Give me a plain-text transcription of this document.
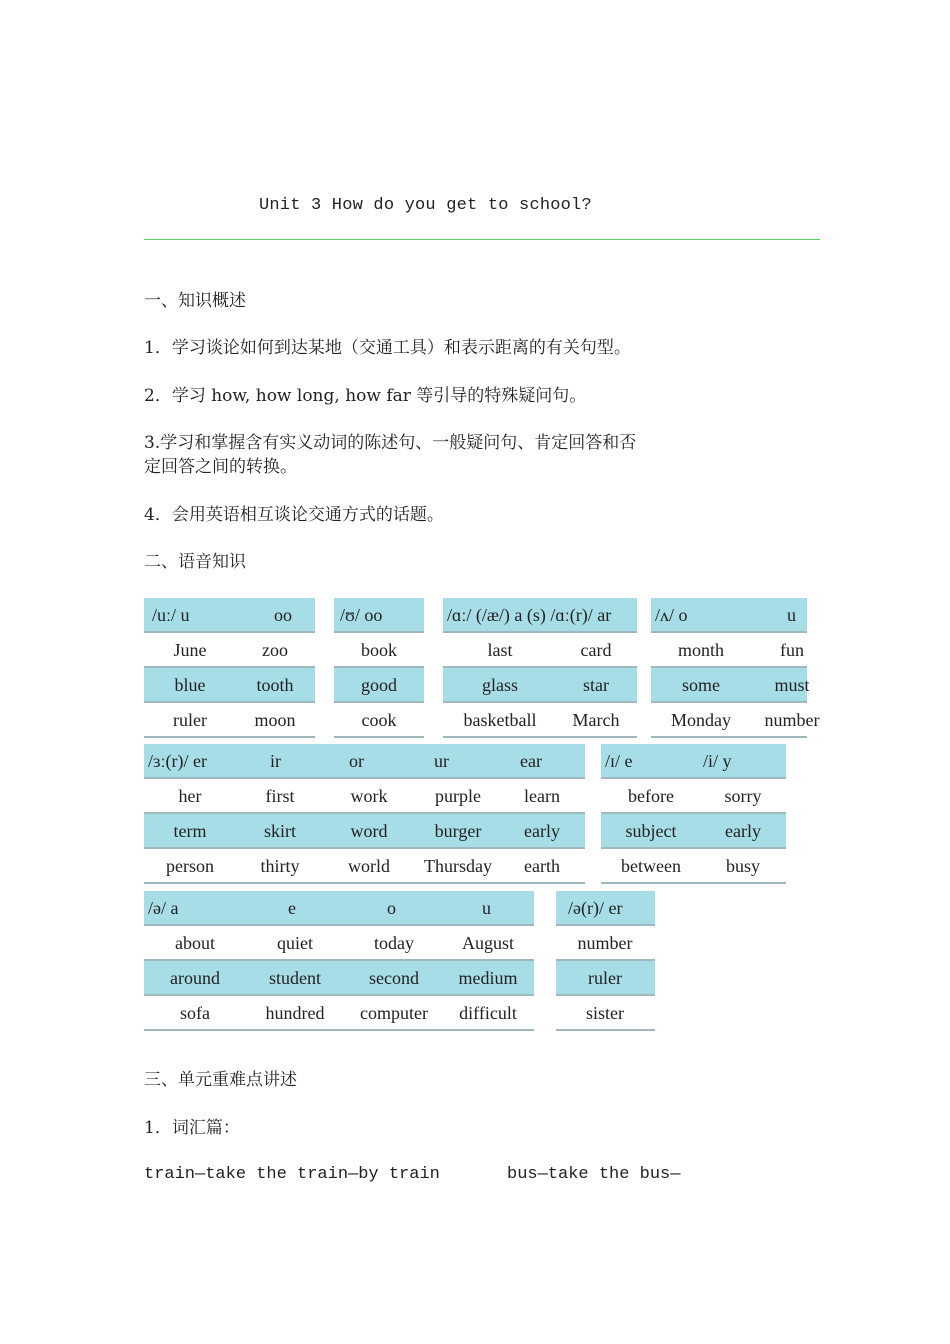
Unit 3 How do you get to school?
一、知识概述
1．学习谈论如何到达某地（交通工具）和表示距离的有关句型。
2．学习 how, how long, how far 等引导的特殊疑问句。
3.学习和掌握含有实义动词的陈述句、一般疑问句、肯定回答和否
定回答之间的转换。
4．会用英语相互谈论交通方式的话题。
二、语音知识
/uː/ u	oo
June	zoo
blue	tooth
ruler	moon
/ʊ/ oo
book
good
cook
/ɑː/ (/æ/) a (s) /ɑː(r)/ ar
last	card
glass	star
basketball March
/ʌ/ o	u
month	fun
some	must
Monday number
/ɜː(r)/ er	ir	or	ur	ear
her	first	work	purple learn
term	skirt	word	burger early
person	thirty	world Thursday earth
/ɪ/ e	/i/ y
before	sorry
subject	early
between	busy
/ə/ a	e	o	u
about	quiet	today	August
around	student	second medium
sofa	hundred computer difficult
/ə(r)/ er
number
ruler
sister
三、单元重难点讲述
1．词汇篇：
train—take the train—by train	bus—take the bus—
